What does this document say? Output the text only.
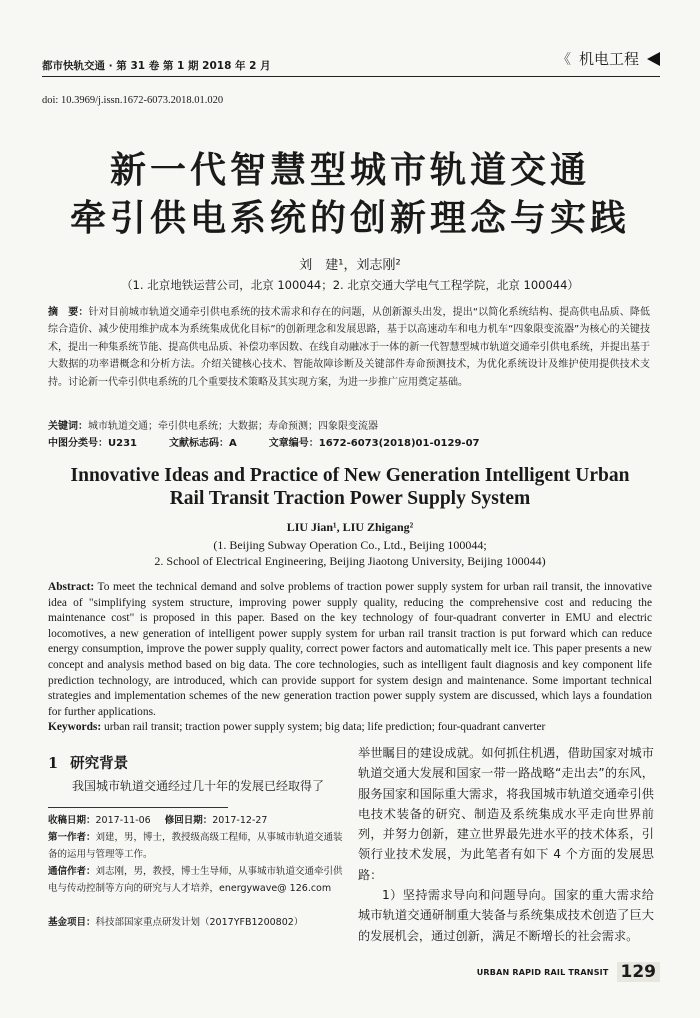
都市快轨交通 · 第 31 卷 第 1 期 2018 年 2 月	《 机电工程
doi: 10.3969/j.issn.1672-6073.2018.01.020
新一代智慧型城市轨道交通
牵引供电系统的创新理念与实践
刘　建¹，刘志刚²
（1. 北京地铁运营公司，北京 100044；2. 北京交通大学电气工程学院，北京 100044）
摘　要：针对目前城市轨道交通牵引供电系统的技术需求和存在的问题，从创新源头出发，提出“以简化系统结构、提高供电品质、降低综合造价、减少使用维护成本为系统集成优化目标”的创新理念和发展思路，基于以高速动车和电力机车“四象限变流器”为核心的关键技术，提出一种集系统节能、提高供电品质、补偿功率因数、在线自动融冰于一体的新一代智慧型城市轨道交通牵引供电系统，并提出基于大数据的功率谱概念和分析方法。介绍关键核心技术、智能故障诊断及关键部件寿命预测技术，为优化系统设计及维护使用提供技术支持。讨论新一代牵引供电系统的几个重要技术策略及其实现方案，为进一步推广应用奠定基础。
关键词：城市轨道交通；牵引供电系统；大数据；寿命预测；四象限变流器
中图分类号：U231	文献标志码：A	文章编号：1672-6073(2018)01-0129-07
Innovative Ideas and Practice of New Generation Intelligent Urban
Rail Transit Traction Power Supply System
LIU Jian¹, LIU Zhigang²
(1. Beijing Subway Operation Co., Ltd., Beijing 100044;
2. School of Electrical Engineering, Beijing Jiaotong University, Beijing 100044)
Abstract: To meet the technical demand and solve problems of traction power supply system for urban rail transit, the innovative idea of "simplifying system structure, improving power supply quality, reducing the comprehensive cost and reducing the maintenance cost" is proposed in this paper. Based on the key technology of four-quadrant converter in EMU and electric locomotives, a new generation of intelligent power supply system for urban rail transit traction is put forward which can reduce energy consumption, improve the power supply quality, correct power factors and automatically melt ice. This paper presents a new concept and analysis method based on big data. The core technologies, such as intelligent fault diagnosis and key component life prediction technology, are introduced, which can provide support for system design and maintenance. Some important technical strategies and implementation schemes of the new generation traction power supply system are discussed, which lays a foundation for further applications.
Keywords: urban rail transit; traction power supply system; big data; life prediction; four-quadrant canverter
1 研究背景
我国城市轨道交通经过几十年的发展已经取得了
收稿日期：2017-11-06 修回日期：2017-12-27
第一作者：刘建，男，博士，教授级高级工程师，从事城市轨道交通装备的运用与管理等工作。
通信作者：刘志刚，男，教授，博士生导师，从事城市轨道交通牵引供电与传动控制等方向的研究与人才培养，energywave@ 126.com
基金项目：科技部国家重点研发计划（2017YFB1200802）

举世瞩目的建设成就。如何抓住机遇，借助国家对城市轨道交通大发展和国家一带一路战略“走出去”的东风，服务国家和国际重大需求，将我国城市轨道交通牵引供电技术装备的研究、制造及系统集成水平走向世界前列，并努力创新，建立世界最先进水平的技术体系，引领行业技术发展，为此笔者有如下 4 个方面的发展思路：

1）坚持需求导向和问题导向。国家的重大需求给城市轨道交通研制重大装备与系统集成技术创造了巨大的发展机会，通过创新，满足不断增长的社会需求。

URBAN RAPID RAIL TRANSIT 129
